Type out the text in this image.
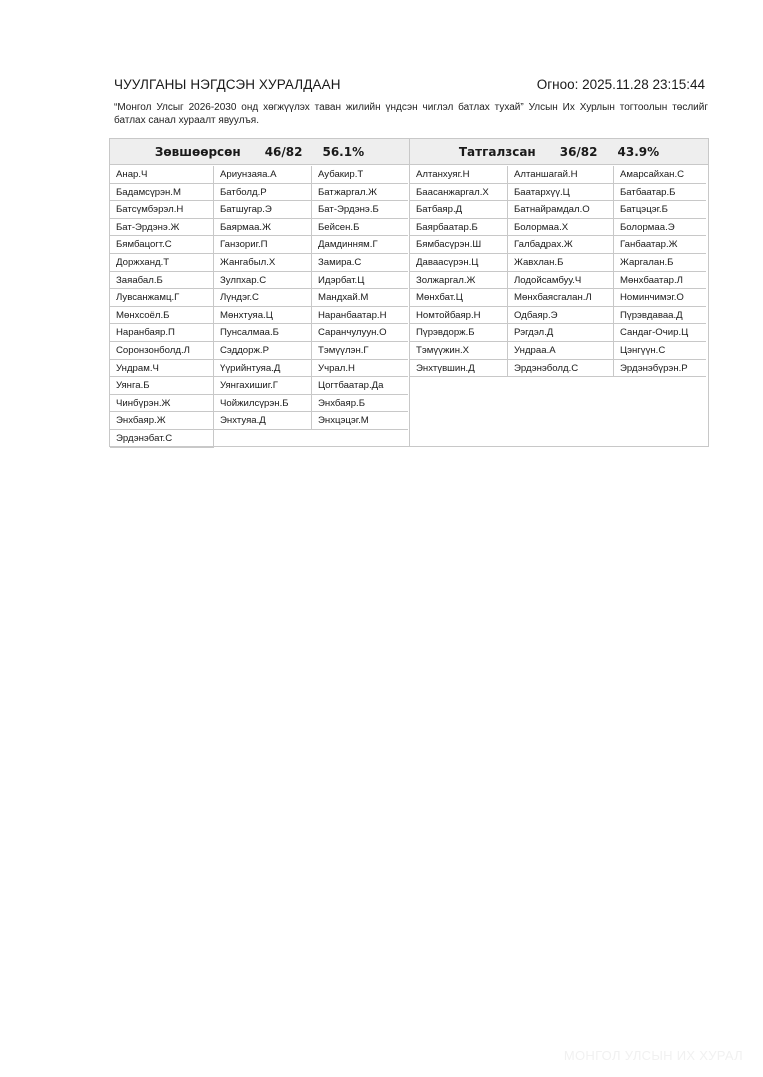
ЧУУЛГАНЫ НЭГДСЭН ХУРАЛДААН	Огноо: 2025.11.28 23:15:44
“Монгол Улсыг 2026-2030 онд хөгжүүлэх таван жилийн үндсэн чиглэл батлах тухай” Улсын Их Хурлын тогтоолын төслийг батлах санал хураалт явуулъя.
Зөвшөөрсөн 46/82 56.1%
Анар.Ч	Ариунзаяа.А	Аубакир.Т
Бадамсүрэн.М	Батболд.Р	Батжаргал.Ж
Батсүмбэрэл.Н	Батшугар.Э	Бат-Эрдэнэ.Б
Бат-Эрдэнэ.Ж	Баярмаа.Ж	Бейсен.Б
Бямбацогт.С	Ганзориг.П	Дамдинням.Г
Доржханд.Т	Жангабыл.Х	Замира.С
Заяабал.Б	Зулпхар.С	Идэрбат.Ц
Лувсанжамц.Г	Лүндэг.С	Мандхай.М
Мөнхсоёл.Б	Мөнхтуяа.Ц	Наранбаатар.Н
Наранбаяр.П	Пунсалмаа.Б	Саранчулуун.О
Соронзонболд.Л	Сэддорж.Р	Тэмүүлэн.Г
Ундрам.Ч	Үүрийнтуяа.Д	Учрал.Н
Уянга.Б	Уянгахишиг.Г	Цогтбаатар.Да
Чинбүрэн.Ж	Чойжилсүрэн.Б	Энхбаяр.Б
Энхбаяр.Ж	Энхтуяа.Д	Энхцэцэг.М
Эрдэнэбат.С
Татгалзсан 36/82 43.9%
Алтанхуяг.Н	Алтаншагай.Н	Амарсайхан.С
Баасанжаргал.Х	Баатархүү.Ц	Батбаатар.Б
Батбаяр.Д	Батнайрамдал.О	Батцэцэг.Б
Баярбаатар.Б	Болормаа.Х	Болормаа.Э
Бямбасүрэн.Ш	Галбадрах.Ж	Ганбаатар.Ж
Даваасүрэн.Ц	Жавхлан.Б	Жаргалан.Б
Золжаргал.Ж	Лодойсамбуу.Ч	Мөнхбаатар.Л
Мөнхбат.Ц	Мөнхбаясгалан.Л	Номинчимэг.О
Номтойбаяр.Н	Одбаяр.Э	Пүрэвдаваа.Д
Пүрэвдорж.Б	Рэгдэл.Д	Сандаг-Очир.Ц
Тэмүүжин.Х	Ундраа.А	Цэнгүүн.С
Энхтүвшин.Д	Эрдэнэболд.С	Эрдэнэбүрэн.Р
МОНГОЛ УЛСЫН ИХ ХУРАЛ
